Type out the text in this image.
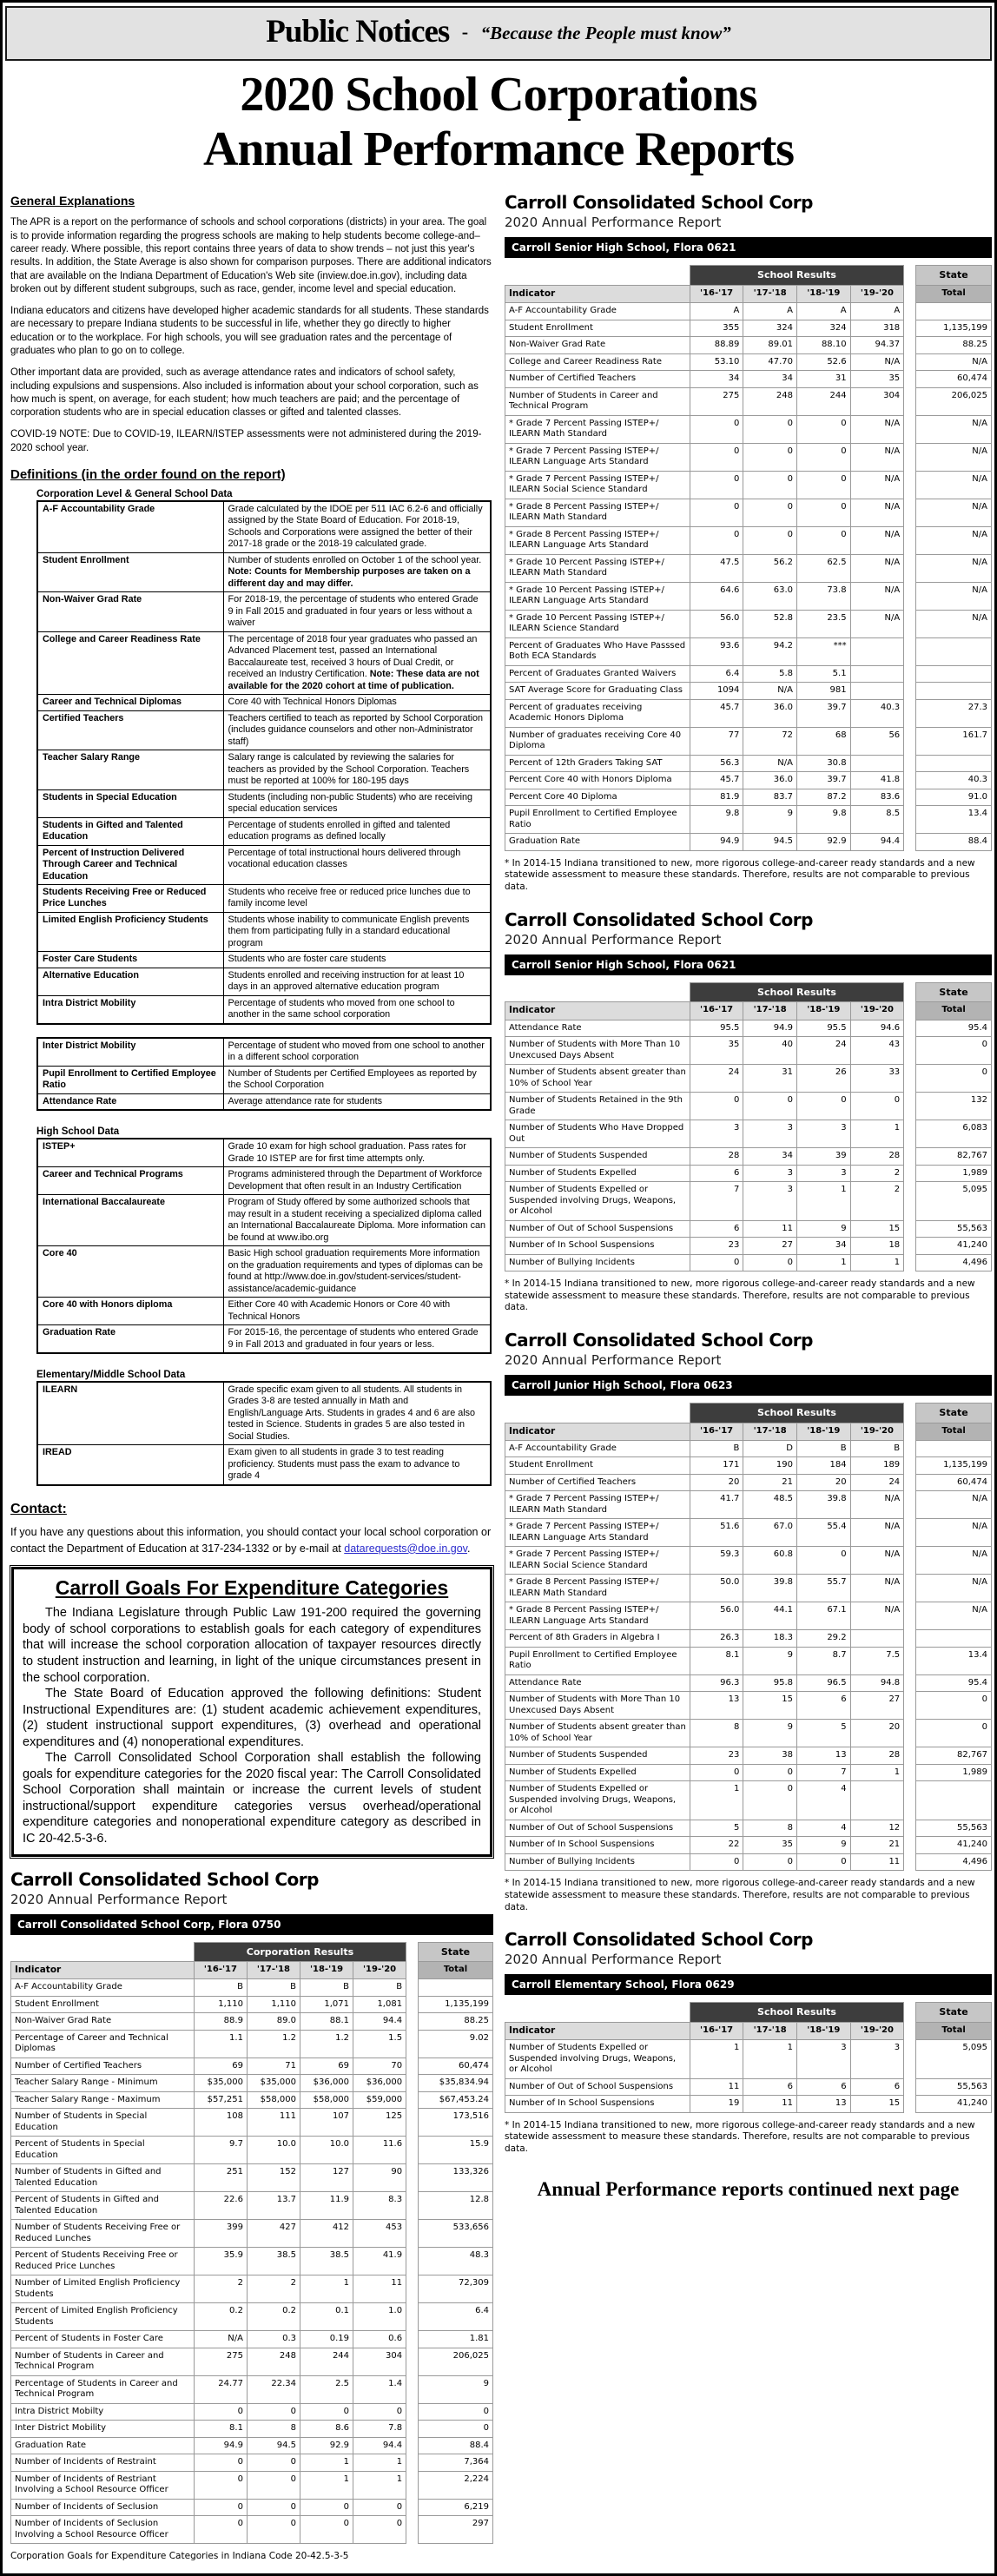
Public Notices - “Because the People must know”
2020 School Corporations
Annual Performance Reports
General Explanations

The APR is a report on the performance of schools and school corporations (districts) in your area. The goal is to provide information regarding the progress schools are making to help students become college-and–career ready. Where possible, this report contains three years of data to show trends – not just this year's results. In addition, the State Average is also shown for comparison purposes. There are additional indicators that are available on the Indiana Department of Education's Web site (inview.doe.in.gov), including data broken out by different student subgroups, such as race, gender, income level and special education.

Indiana educators and citizens have developed higher academic standards for all students. These standards are necessary to prepare Indiana students to be successful in life, whether they go directly to higher education or to the workplace. For high schools, you will see graduation rates and the percentage of graduates who plan to go on to college.

Other important data are provided, such as average attendance rates and indicators of school safety, including expulsions and suspensions. Also included is information about your school corporation, such as how much is spent, on average, for each student; how much teachers are paid; and the percentage of corporation students who are in special education classes or gifted and talented classes.

COVID-19 NOTE: Due to COVID-19, ILEARN/ISTEP assessments were not administered during the 2019-2020 school year.

Definitions (in the order found on the report)
Corporation Level & General School Data
A-F Accountability Grade	Grade calculated by the IDOE per 511 IAC 6.2-6 and officially assigned by the State Board of Education. For 2018-19, Schools and Corporations were assigned the better of their 2017-18 grade or the 2018-19 calculated grade.
Student Enrollment	Number of students enrolled on October 1 of the school year. Note: Counts for Membership purposes are taken on a different day and may differ.
Non-Waiver Grad Rate	For 2018-19, the percentage of students who entered Grade 9 in Fall 2015 and graduated in four years or less without a waiver
College and Career Readiness Rate	The percentage of 2018 four year graduates who passed an Advanced Placement test, passed an International Baccalaureate test, received 3 hours of Dual Credit, or received an Industry Certification. Note: These data are not available for the 2020 cohort at time of publication.
Career and Technical Diplomas	Core 40 with Technical Honors Diplomas
Certified Teachers	Teachers certified to teach as reported by School Corporation (includes guidance counselors and other non-Administrator staff)
Teacher Salary Range	Salary range is calculated by reviewing the salaries for teachers as provided by the School Corporation. Teachers must be reported at 100% for 180-195 days
Students in Special Education	Students (including non-public Students) who are receiving special education services
Students in Gifted and Talented Education	Percentage of students enrolled in gifted and talented education programs as defined locally
Percent of Instruction Delivered Through Career and Technical Education	Percentage of total instructional hours delivered through vocational education classes
Students Receiving Free or Reduced Price Lunches	Students who receive free or reduced price lunches due to family income level
Limited English Proficiency Students	Students whose inability to communicate English prevents them from participating fully in a standard educational program
Foster Care Students	Students who are foster care students
Alternative Education	Students enrolled and receiving instruction for at least 10 days in an approved alternative education program
Intra District Mobility	Percentage of students who moved from one school to another in the same school corporation
Inter District Mobility	Percentage of student who moved from one school to another in a different school corporation
Pupil Enrollment to Certified Employee Ratio	Number of Students per Certified Employees as reported by the School Corporation
Attendance Rate	Average attendance rate for students
High School Data
ISTEP+	Grade 10 exam for high school graduation. Pass rates for Grade 10 ISTEP are for first time attempts only.
Career and Technical Programs	Programs administered through the Department of Workforce Development that often result in an Industry Certification
International Baccalaureate	Program of Study offered by some authorized schools that may result in a student receiving a specialized diploma called an International Baccalaureate Diploma. More information can be found at www.ibo.org
Core 40	Basic High school graduation requirements More information on the graduation requirements and types of diplomas can be found at http://www.doe.in.gov/student-services/student-assistance/academic-guidance
Core 40 with Honors diploma	Either Core 40 with Academic Honors or Core 40 with Technical Honors
Graduation Rate	For 2015-16, the percentage of students who entered Grade 9 in Fall 2013 and graduated in four years or less.
Elementary/Middle School Data
ILEARN	Grade specific exam given to all students. All students in Grades 3-8 are tested annually in Math and English/Language Arts. Students in grades 4 and 6 are also tested in Science. Students in grades 5 are also tested in Social Studies.
IREAD	Exam given to all students in grade 3 to test reading proficiency. Students must pass the exam to advance to grade 4
Contact:

If you have any questions about this information, you should contact your local school corporation or contact the Department of Education at 317-234-1332 or by e-mail at datarequests@doe.in.gov.

Carroll Goals For Expenditure Categories

The Indiana Legislature through Public Law 191-200 required the governing body of school corporations to establish goals for each category of expenditures that will increase the school corporation allocation of taxpayer resources directly to student instruction and learning, in light of the unique circumstances present in the school corporation.

The State Board of Education approved the following definitions: Student Instructional Expenditures are: (1) student academic achievement expenditures, (2) student instructional support expenditures, (3) overhead and operational expenditures and (4) nonoperational expenditures.

The Carroll Consolidated School Corporation shall establish the following goals for expenditure categories for the 2020 fiscal year: The Carroll Consolidated School Corporation shall maintain or increase the current levels of student instructional/support expenditure categories versus overhead/operational expenditure categories and nonoperational expenditure category as described in IC 20-42.5-3-6.

Carroll Consolidated School Corp
2020 Annual Performance Report
Carroll Consolidated School Corp, Flora 0750
	Corporation Results					State
Indicator	'16-'17	'17-'18	'18-'19	'19-'20		Total
A-F Accountability Grade	B	B	B	B		
Student Enrollment	1,110	1,110	1,071	1,081		1,135,199
Non-Waiver Grad Rate	88.9	89.0	88.1	94.4		88.25
Percentage of Career and Technical Diplomas	1.1	1.2	1.2	1.5		9.02
Number of Certified Teachers	69	71	69	70		60,474
Teacher Salary Range - Minimum	$35,000	$35,000	$36,000	$36,000		$35,834.94
Teacher Salary Range - Maximum	$57,251	$58,000	$58,000	$59,000		$67,453.24
Number of Students in Special Education	108	111	107	125		173,516
Percent of Students in Special Education	9.7	10.0	10.0	11.6		15.9
Number of Students in Gifted and Talented Education	251	152	127	90		133,326
Percent of Students in Gifted and Talented Education	22.6	13.7	11.9	8.3		12.8
Number of Students Receiving Free or Reduced Lunches	399	427	412	453		533,656
Percent of Students Receiving Free or Reduced Price Lunches	35.9	38.5	38.5	41.9		48.3
Number of Limited English Proficiency Students	2	2	1	11		72,309
Percent of Limited English Proficiency Students	0.2	0.2	0.1	1.0		6.4
Percent of Students in Foster Care	N/A	0.3	0.19	0.6		1.81
Number of Students in Career and Technical Program	275	248	244	304		206,025
Percentage of Students in Career and Technical Program	24.77	22.34	2.5	1.4		9
Intra District Mobilty	0	0	0	0		0
Inter District Mobility	8.1	8	8.6	7.8		0
Graduation Rate	94.9	94.5	92.9	94.4		88.4
Number of Incidents of Restraint	0	0	1	1		7,364
Number of Incidents of Restriant Involving a School Resource Officer	0	0	1	1		2,224
Number of Incidents of Seclusion	0	0	0	0		6,219
Number of Incidents of Seclusion Involving a School Resource Officer	0	0	0	0		297
Corporation Goals for Expenditure Categories in Indiana Code 20-42.5-3-5
Carroll Consolidated School Corp
2020 Annual Performance Report
Carroll Senior High School, Flora 0621
	School Results					State
Indicator	'16-'17	'17-'18	'18-'19	'19-'20		Total
A-F Accountability Grade	A	A	A	A		
Student Enrollment	355	324	324	318		1,135,199
Non-Waiver Grad Rate	88.89	89.01	88.10	94.37		88.25
College and Career Readiness Rate	53.10	47.70	52.6	N/A		N/A
Number of Certified Teachers	34	34	31	35		60,474
Number of Students in Career and Technical Program	275	248	244	304		206,025
* Grade 7 Percent Passing ISTEP+/ ILEARN Math Standard	0	0	0	N/A		N/A
* Grade 7 Percent Passing ISTEP+/ ILEARN Language Arts Standard	0	0	0	N/A		N/A
* Grade 7 Percent Passing ISTEP+/ ILEARN Social Science Standard	0	0	0	N/A		N/A
* Grade 8 Percent Passing ISTEP+/ ILEARN Math Standard	0	0	0	N/A		N/A
* Grade 8 Percent Passing ISTEP+/ ILEARN Language Arts Standard	0	0	0	N/A		N/A
* Grade 10 Percent Passing ISTEP+/ ILEARN Math Standard	47.5	56.2	62.5	N/A		N/A
* Grade 10 Percent Passing ISTEP+/ ILEARN Language Arts Standard	64.6	63.0	73.8	N/A		N/A
* Grade 10 Percent Passing ISTEP+/ ILEARN Science Standard	56.0	52.8	23.5	N/A		N/A
Percent of Graduates Who Have Passsed Both ECA Standards	93.6	94.2	***			
Percent of Graduates Granted Waivers	6.4	5.8	5.1			
SAT Average Score for Graduating Class	1094	N/A	981			
Percent of graduates receiving Academic Honors Diploma	45.7	36.0	39.7	40.3		27.3
Number of graduates receiving Core 40 Diploma	77	72	68	56		161.7
Percent of 12th Graders Taking SAT	56.3	N/A	30.8			
Percent Core 40 with Honors Diploma	45.7	36.0	39.7	41.8		40.3
Percent Core 40 Diploma	81.9	83.7	87.2	83.6		91.0
Pupil Enrollment to Certified Employee Ratio	9.8	9	9.8	8.5		13.4
Graduation Rate	94.9	94.5	92.9	94.4		88.4
* In 2014-15 Indiana transitioned to new, more rigorous college-and-career ready standards and a new statewide assessment to measure these standards. Therefore, results are not comparable to previous data.
Carroll Consolidated School Corp
2020 Annual Performance Report
Carroll Senior High School, Flora 0621
	School Results					State
Indicator	'16-'17	'17-'18	'18-'19	'19-'20		Total
Attendance Rate	95.5	94.9	95.5	94.6		95.4
Number of Students with More Than 10 Unexcused Days Absent	35	40	24	43		0
Number of Students absent greater than 10% of School Year	24	31	26	33		0
Number of Students Retained in the 9th Grade	0	0	0	0		132
Number of Students Who Have Dropped Out	3	3	3	1		6,083
Number of Students Suspended	28	34	39	28		82,767
Number of Students Expelled	6	3	3	2		1,989
Number of Students Expelled or Suspended involving Drugs, Weapons, or Alcohol	7	3	1	2		5,095
Number of Out of School Suspensions	6	11	9	15		55,563
Number of In School Suspensions	23	27	34	18		41,240
Number of Bullying Incidents	0	0	1	1		4,496
* In 2014-15 Indiana transitioned to new, more rigorous college-and-career ready standards and a new statewide assessment to measure these standards. Therefore, results are not comparable to previous data.
Carroll Consolidated School Corp
2020 Annual Performance Report
Carroll Junior High School, Flora 0623
	School Results					State
Indicator	'16-'17	'17-'18	'18-'19	'19-'20		Total
A-F Accountability Grade	B	D	B	B		
Student Enrollment	171	190	184	189		1,135,199
Number of Certified Teachers	20	21	20	24		60,474
* Grade 7 Percent Passing ISTEP+/ ILEARN Math Standard	41.7	48.5	39.8	N/A		N/A
* Grade 7 Percent Passing ISTEP+/ ILEARN Language Arts Standard	51.6	67.0	55.4	N/A		N/A
* Grade 7 Percent Passing ISTEP+/ ILEARN Social Science Standard	59.3	60.8	0	N/A		N/A
* Grade 8 Percent Passing ISTEP+/ ILEARN Math Standard	50.0	39.8	55.7	N/A		N/A
* Grade 8 Percent Passing ISTEP+/ ILEARN Language Arts Standard	56.0	44.1	67.1	N/A		N/A
Percent of 8th Graders in Algebra I	26.3	18.3	29.2			
Pupil Enrollment to Certified Employee Ratio	8.1	9	8.7	7.5		13.4
Attendance Rate	96.3	95.8	96.5	94.8		95.4
Number of Students with More Than 10 Unexcused Days Absent	13	15	6	27		0
Number of Students absent greater than 10% of School Year	8	9	5	20		0
Number of Students Suspended	23	38	13	28		82,767
Number of Students Expelled	0	0	7	1		1,989
Number of Students Expelled or Suspended involving Drugs, Weapons, or Alcohol	1	0	4			
Number of Out of School Suspensions	5	8	4	12		55,563
Number of In School Suspensions	22	35	9	21		41,240
Number of Bullying Incidents	0	0	0	11		4,496
* In 2014-15 Indiana transitioned to new, more rigorous college-and-career ready standards and a new statewide assessment to measure these standards. Therefore, results are not comparable to previous data.
Carroll Consolidated School Corp
2020 Annual Performance Report
Carroll Elementary School, Flora 0629
	School Results					State
Indicator	'16-'17	'17-'18	'18-'19	'19-'20		Total
Number of Students Expelled or Suspended involving Drugs, Weapons, or Alcohol	1	1	3	3		5,095
Number of Out of School Suspensions	11	6	6	6		55,563
Number of In School Suspensions	19	11	13	15		41,240
* In 2014-15 Indiana transitioned to new, more rigorous college-and-career ready standards and a new statewide assessment to measure these standards. Therefore, results are not comparable to previous data.
Annual Performance reports continued next page
